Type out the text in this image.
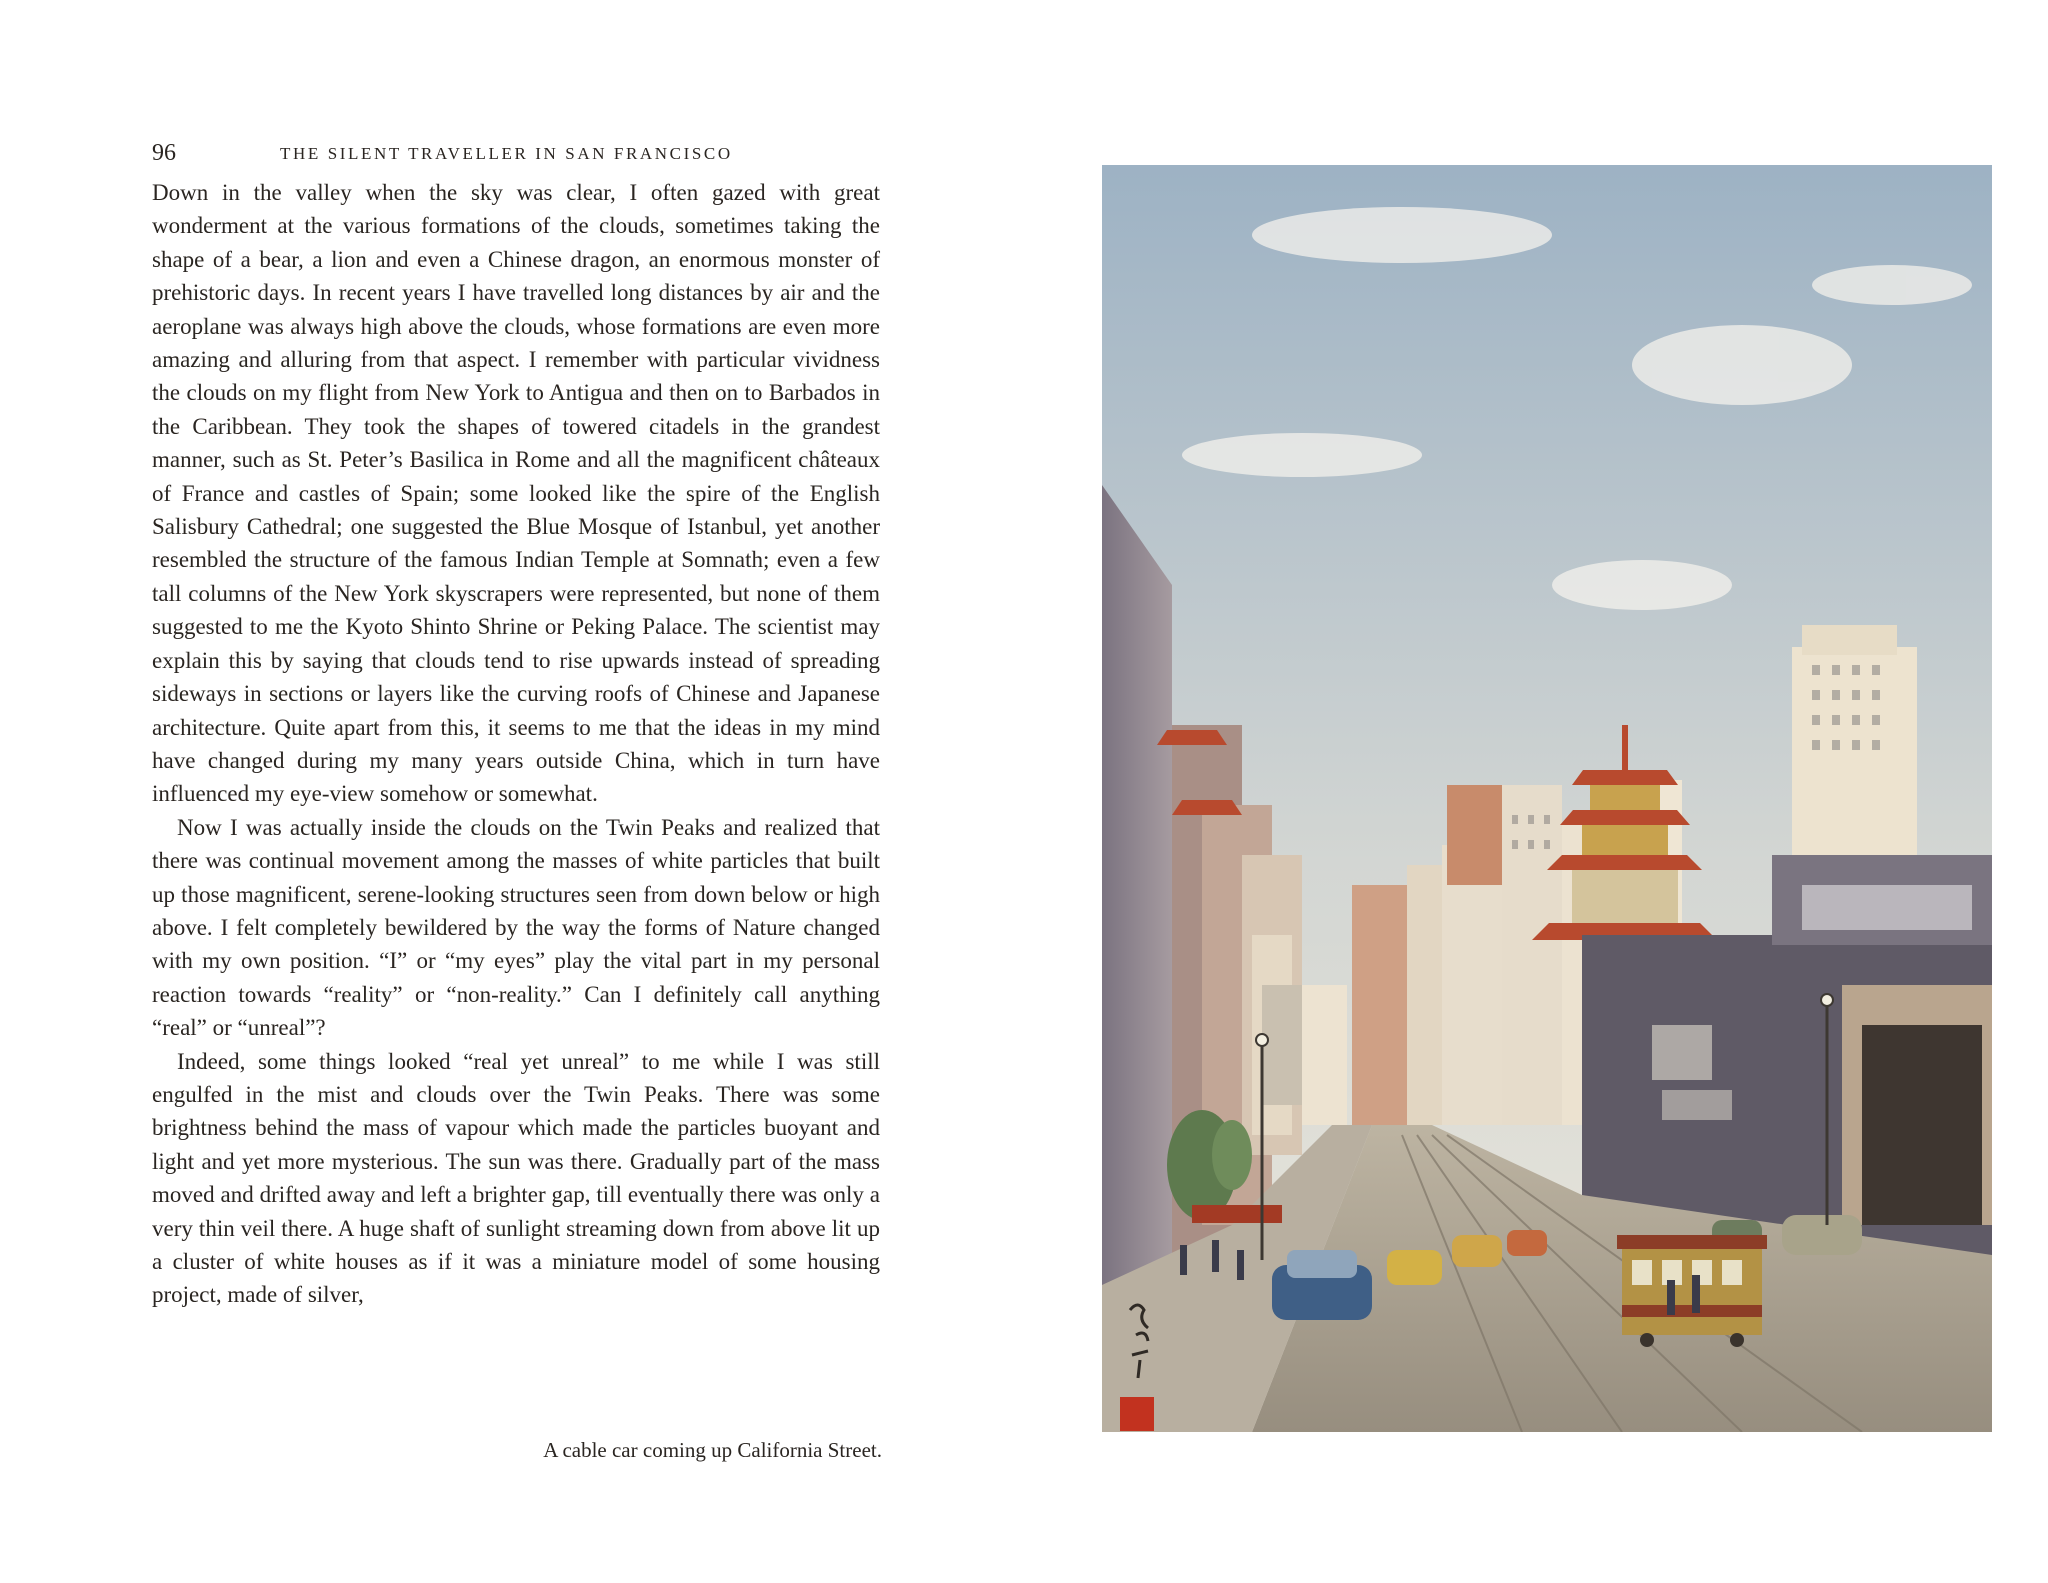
96	THE SILENT TRAVELLER IN SAN FRANCISCO

Down in the valley when the sky was clear, I often gazed with great wonderment at the various formations of the clouds, sometimes taking the shape of a bear, a lion and even a Chinese dragon, an enormous monster of prehistoric days. In recent years I have travelled long distances by air and the aeroplane was always high above the clouds, whose formations are even more amazing and alluring from that aspect. I remember with particular vividness the clouds on my flight from New York to Antigua and then on to Barbados in the Caribbean. They took the shapes of towered citadels in the grandest manner, such as St. Peter’s Basilica in Rome and all the magnificent châteaux of France and castles of Spain; some looked like the spire of the English Salisbury Cathedral; one suggested the Blue Mosque of Istanbul, yet another resembled the structure of the famous Indian Temple at Somnath; even a few tall columns of the New York skyscrapers were represented, but none of them suggested to me the Kyoto Shinto Shrine or Peking Palace. The scientist may explain this by saying that clouds tend to rise upwards instead of spreading sideways in sections or layers like the curving roofs of Chinese and Japanese architecture. Quite apart from this, it seems to me that the ideas in my mind have changed during my many years outside China, which in turn have influenced my eye-view somehow or somewhat.

Now I was actually inside the clouds on the Twin Peaks and realized that there was continual movement among the masses of white particles that built up those magnificent, serene-looking structures seen from down below or high above. I felt completely bewildered by the way the forms of Nature changed with my own position. “I” or “my eyes” play the vital part in my personal reaction towards “reality” or “non-reality.” Can I definitely call anything “real” or “unreal”?

Indeed, some things looked “real yet unreal” to me while I was still engulfed in the mist and clouds over the Twin Peaks. There was some brightness behind the mass of vapour which made the particles buoyant and light and yet more mysterious. The sun was there. Gradually part of the mass moved and drifted away and left a brighter gap, till eventually there was only a very thin veil there. A huge shaft of sunlight streaming down from above lit up a cluster of white houses as if it was a miniature model of some housing project, made of silver,

A cable car coming up California Street.
